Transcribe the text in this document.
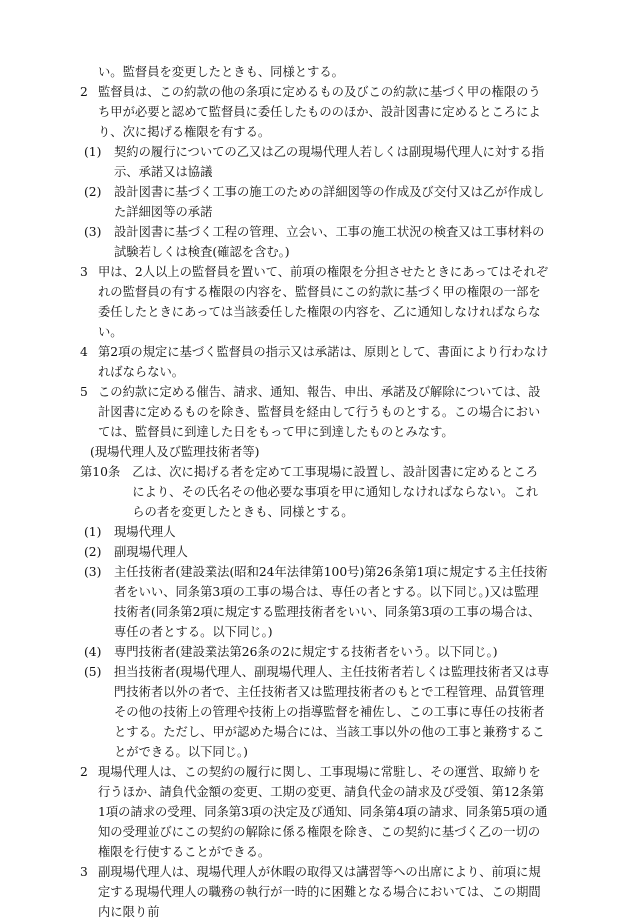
い。監督員を変更したときも、同様とする。
2 監督員は、この約款の他の条項に定めるもの及びこの約款に基づく甲の権限のうち甲が必要と認めて監督員に委任したもののほか、設計図書に定めるところにより、次に掲げる権限を有する。
(1)	契約の履行についての乙又は乙の現場代理人若しくは副現場代理人に対する指示、承諾又は協議
(2)	設計図書に基づく工事の施工のための詳細図等の作成及び交付又は乙が作成した詳細図等の承諾
(3)	設計図書に基づく工程の管理、立会い、工事の施工状況の検査又は工事材料の試験若しくは検査(確認を含む。)
3 甲は、2人以上の監督員を置いて、前項の権限を分担させたときにあってはそれぞれの監督員の有する権限の内容を、監督員にこの約款に基づく甲の権限の一部を委任したときにあっては当該委任した権限の内容を、乙に通知しなければならない。
4 第2項の規定に基づく監督員の指示又は承諾は、原則として、書面により行わなければならない。
5 この約款に定める催告、請求、通知、報告、申出、承諾及び解除については、設計図書に定めるものを除き、監督員を経由して行うものとする。この場合においては、監督員に到達した日をもって甲に到達したものとみなす。
(現場代理人及び監理技術者等)
第10条 乙は、次に掲げる者を定めて工事現場に設置し、設計図書に定めるところにより、その氏名その他必要な事項を甲に通知しなければならない。これらの者を変更したときも、同様とする。
(1)	現場代理人
(2)	副現場代理人
(3)	主任技術者(建設業法(昭和24年法律第100号)第26条第1項に規定する主任技術者をいい、同条第3項の工事の場合は、専任の者とする。以下同じ。)又は監理技術者(同条第2項に規定する監理技術者をいい、同条第3項の工事の場合は、専任の者とする。以下同じ。)
(4)	専門技術者(建設業法第26条の2に規定する技術者をいう。以下同じ。)
(5)	担当技術者(現場代理人、副現場代理人、主任技術者若しくは監理技術者又は専門技術者以外の者で、主任技術者又は監理技術者のもとで工程管理、品質管理その他の技術上の管理や技術上の指導監督を補佐し、この工事に専任の技術者とする。ただし、甲が認めた場合には、当該工事以外の他の工事と兼務することができる。以下同じ。)
2 現場代理人は、この契約の履行に関し、工事現場に常駐し、その運営、取締りを行うほか、請負代金額の変更、工期の変更、請負代金の請求及び受領、第12条第1項の請求の受理、同条第3項の決定及び通知、同条第4項の請求、同条第5項の通知の受理並びにこの契約の解除に係る権限を除き、この契約に基づく乙の一切の権限を行使することができる。
3 副現場代理人は、現場代理人が休暇の取得又は講習等への出席により、前項に規定する現場代理人の職務の執行が一時的に困難となる場合においては、この期間内に限り前
